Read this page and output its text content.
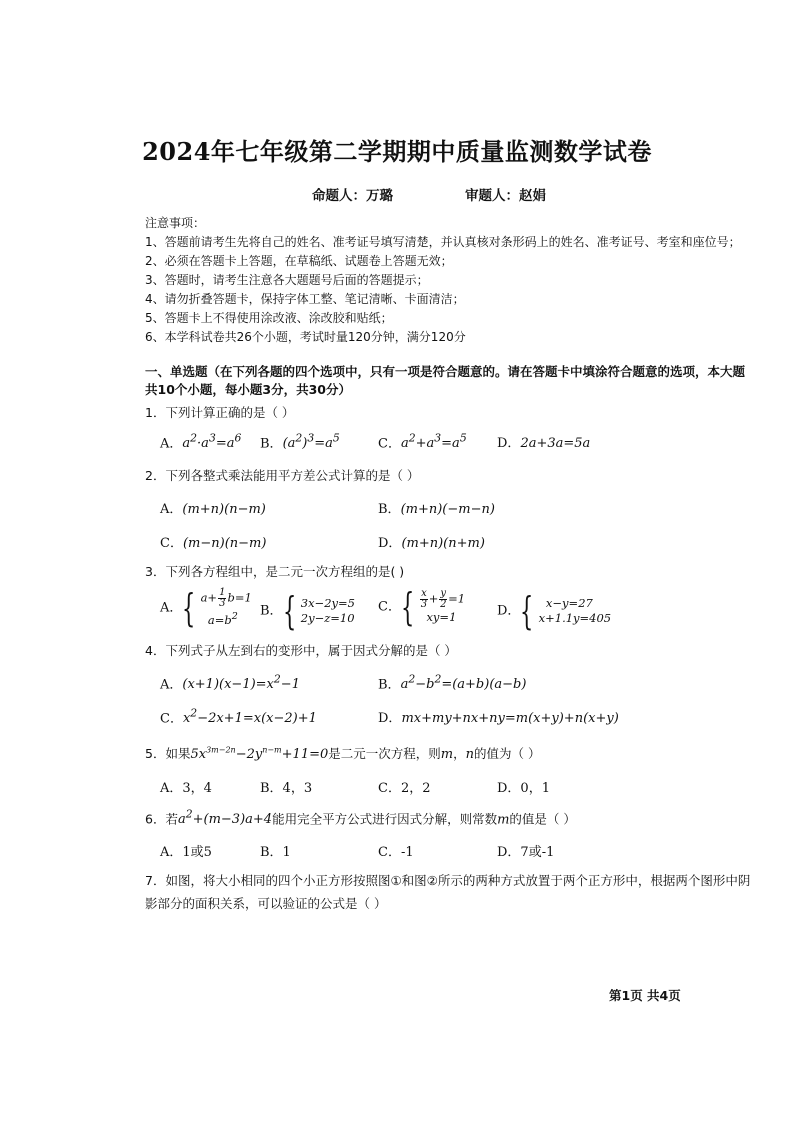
2024年七年级第二学期期中质量监测数学试卷
命题人：万璐	审题人：赵娟
注意事项：
1、答题前请考生先将自己的姓名、准考证号填写清楚，并认真核对条形码上的姓名、准考证号、考室和座位号；
2、必须在答题卡上答题，在草稿纸、试题卷上答题无效；
3、答题时，请考生注意各大题题号后面的答题提示；
4、请勿折叠答题卡，保持字体工整、笔记清晰、卡面清洁；
5、答题卡上不得使用涂改液、涂改胶和贴纸；
6、本学科试卷共26个小题，考试时量120分钟，满分120分
一、单选题（在下列各题的四个选项中，只有一项是符合题意的。请在答题卡中填涂符合题意的选项，本大题
共10个小题，每小题3分，共30分）
1．下列计算正确的是（ ）
A．$a^2\cdot a^3=a^6$ B．$(a^2)^3=a^5$	C．$a^2+a^3=a^5$ D．2a+3a=5a
2．下列各整式乘法能用平方差公式计算的是（ ）
A．(m+n)(n−m)	B．(m+n)(−m−n)
C．(m−n)(n−m)	D．(m+n)(n+m)
3．下列各方程组中，是二元一次方程组的是( )
A．{ $a+ \frac{1}{3} b=1$
$a=b^2$	B．{ 3x−2y=5
2y−z=10
C．{ $\frac{x}{3} + \frac{y}{2} =1$
xy=1	D．{  x−y=27
x+1.1y=405
4．下列式子从左到右的变形中，属于因式分解的是（ ）
A．$(x+1)(x-1)=x^2-1$	B．$a^2-b^2=(a+b)(a-b)$
C．$x^2-2x+1=x(x-2)+1$	D．mx+my+nx+ny=m(x+y)+n(x+y)
5．如果$5x^{3m-2n}-2y^{n-m}+11=0$是二元一次方程，则m，n的值为（ ）
A．3，4	B．4，3	C．2，2	D．0，1
6．若$a^2+(m-3)a+4$能用完全平方公式进行因式分解，则常数m的值是（ ）
A．1或5	B．1	C．-1	D．7或-1
7．如图，将大小相同的四个小正方形按照图①和图②所示的两种方式放置于两个正方形中，根据两个图形中阴
影部分的面积关系，可以验证的公式是（ ）
第1页 共4页
